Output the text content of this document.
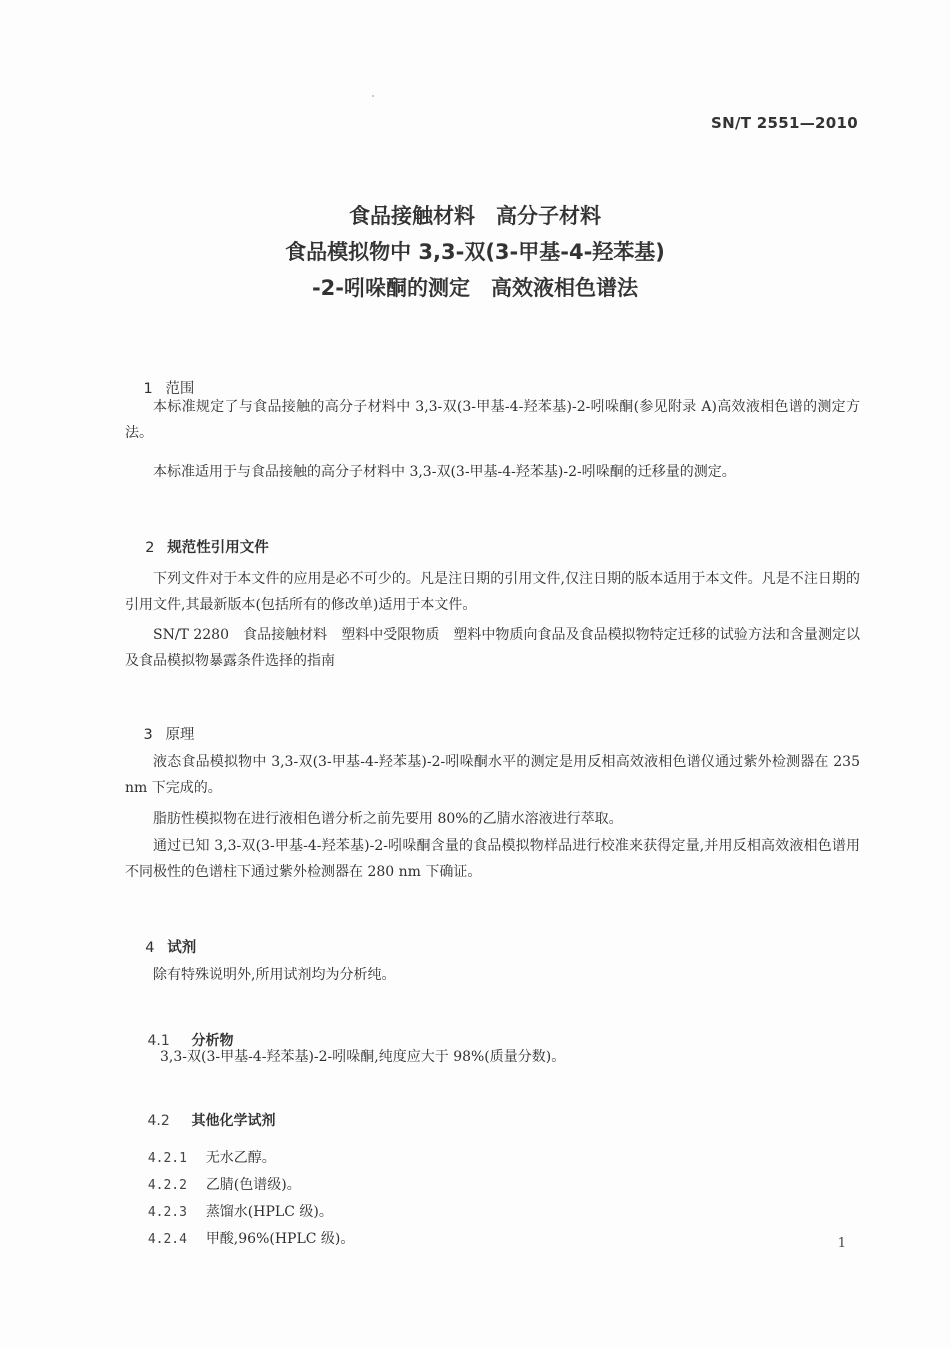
SN/T 2551—2010
食品接触材料　高分子材料
食品模拟物中 3,3-双(3-甲基-4-羟苯基)
-2-吲哚酮的测定　高效液相色谱法

1 范围

本标准规定了与食品接触的高分子材料中 3,3-双(3-甲基-4-羟苯基)-2-吲哚酮(参见附录 A)高效液相色谱的测定方法。

本标准适用于与食品接触的高分子材料中 3,3-双(3-甲基-4-羟苯基)-2-吲哚酮的迁移量的测定。

2 规范性引用文件

下列文件对于本文件的应用是必不可少的。凡是注日期的引用文件,仅注日期的版本适用于本文件。凡是不注日期的引用文件,其最新版本(包括所有的修改单)适用于本文件。

SN/T 2280　食品接触材料　塑料中受限物质　塑料中物质向食品及食品模拟物特定迁移的试验方法和含量测定以及食品模拟物暴露条件选择的指南

3 原理

液态食品模拟物中 3,3-双(3-甲基-4-羟苯基)-2-吲哚酮水平的测定是用反相高效液相色谱仪通过紫外检测器在 235 nm 下完成的。

脂肪性模拟物在进行液相色谱分析之前先要用 80%的乙腈水溶液进行萃取。

通过已知 3,3-双(3-甲基-4-羟苯基)-2-吲哚酮含量的食品模拟物样品进行校准来获得定量,并用反相高效液相色谱用不同极性的色谱柱下通过紫外检测器在 280 nm 下确证。

4 试剂

除有特殊说明外,所用试剂均为分析纯。

4.1 分析物

3,3-双(3-甲基-4-羟苯基)-2-吲哚酮,纯度应大于 98%(质量分数)。

4.2 其他化学试剂

4.2.1 无水乙醇。

4.2.2 乙腈(色谱级)。

4.2.3 蒸馏水(HPLC 级)。

4.2.4 甲酸,96%(HPLC 级)。
	1
